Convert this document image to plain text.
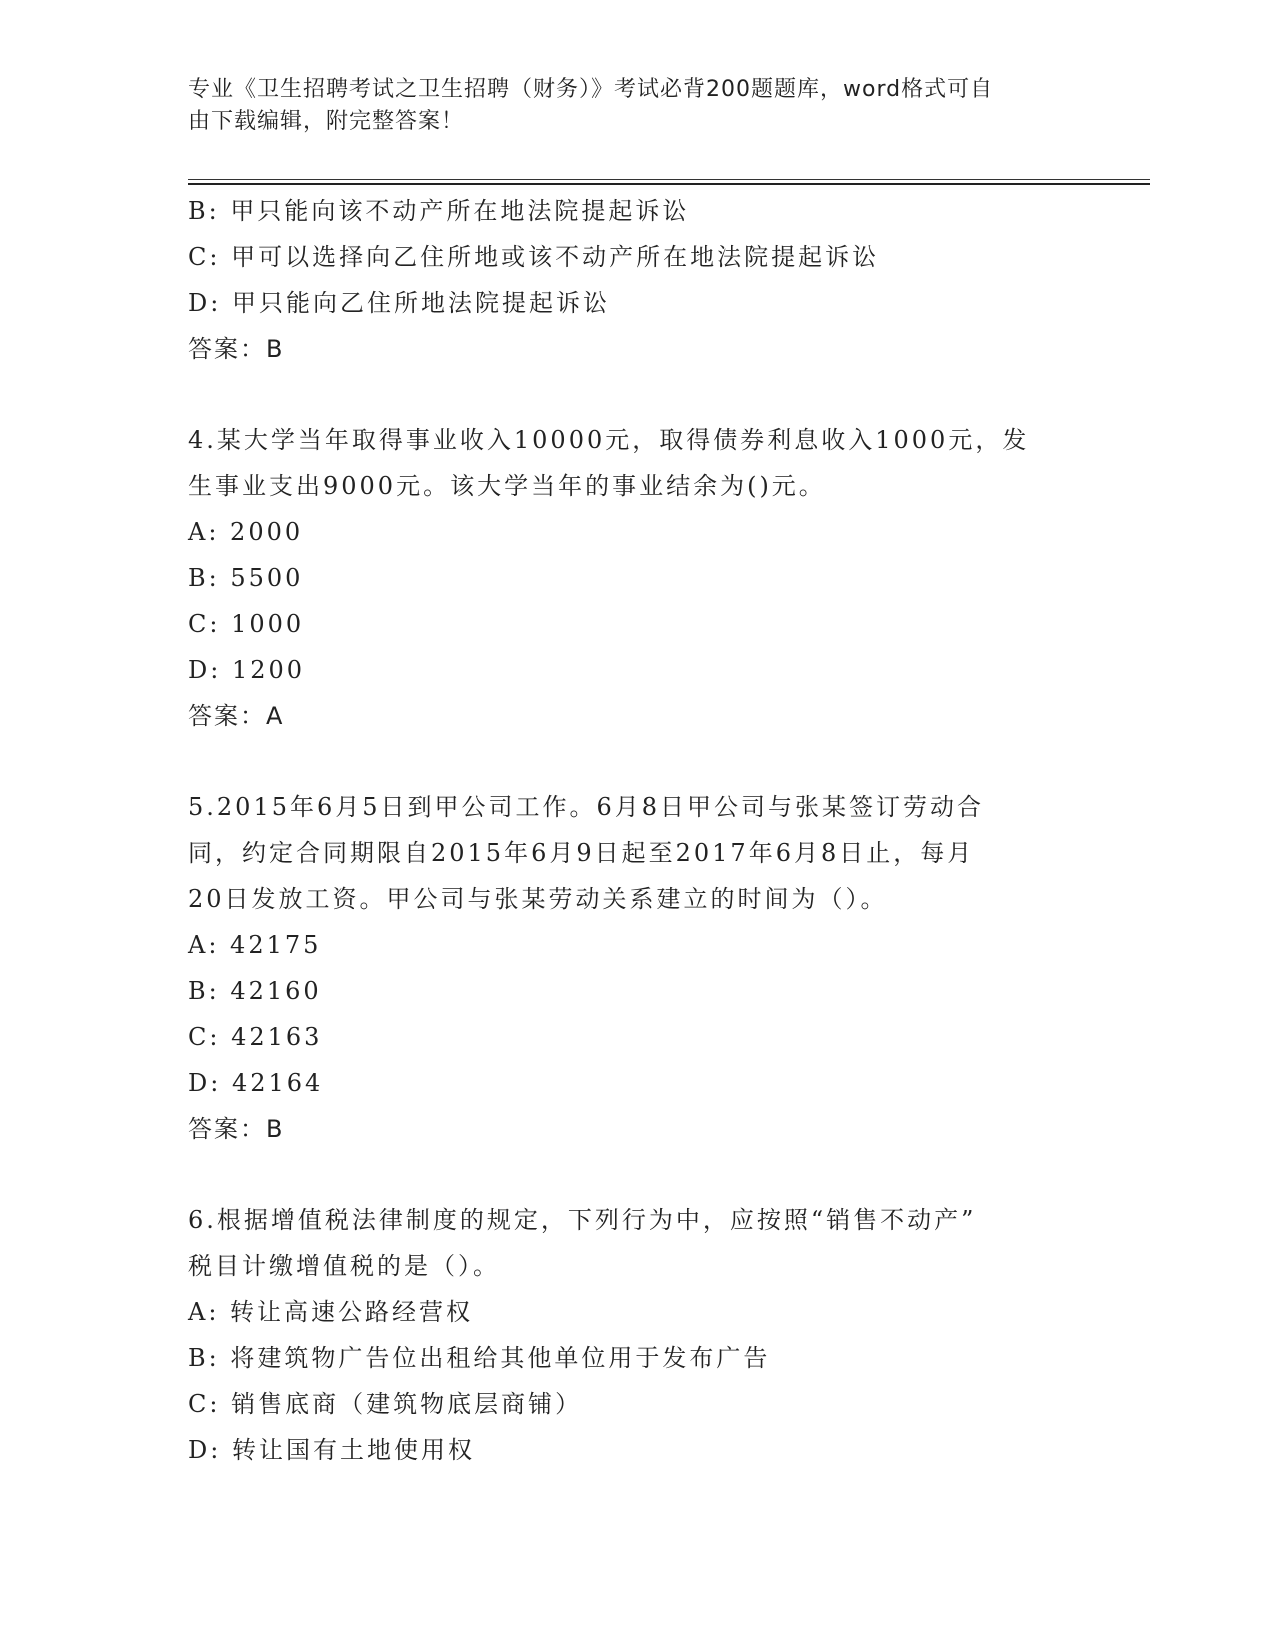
专业《卫生招聘考试之卫生招聘（财务）》考试必背200题题库，word格式可自
由下载编辑，附完整答案！
B: 甲只能向该不动产所在地法院提起诉讼
C: 甲可以选择向乙住所地或该不动产所在地法院提起诉讼
D: 甲只能向乙住所地法院提起诉讼
答案：B
4.某大学当年取得事业收入10000元，取得债券利息收入1000元，发
生事业支出9000元。该大学当年的事业结余为()元。
A: 2000
B: 5500
C: 1000
D: 1200
答案：A
5.2015年6月5日到甲公司工作。6月8日甲公司与张某签订劳动合
同，约定合同期限自2015年6月9日起至2017年6月8日止，每月
20日发放工资。甲公司与张某劳动关系建立的时间为（）。
A: 42175
B: 42160
C: 42163
D: 42164
答案：B
6.根据增值税法律制度的规定，下列行为中，应按照“销售不动产”
税目计缴增值税的是（）。
A: 转让高速公路经营权
B: 将建筑物广告位出租给其他单位用于发布广告
C: 销售底商（建筑物底层商铺）
D: 转让国有土地使用权
